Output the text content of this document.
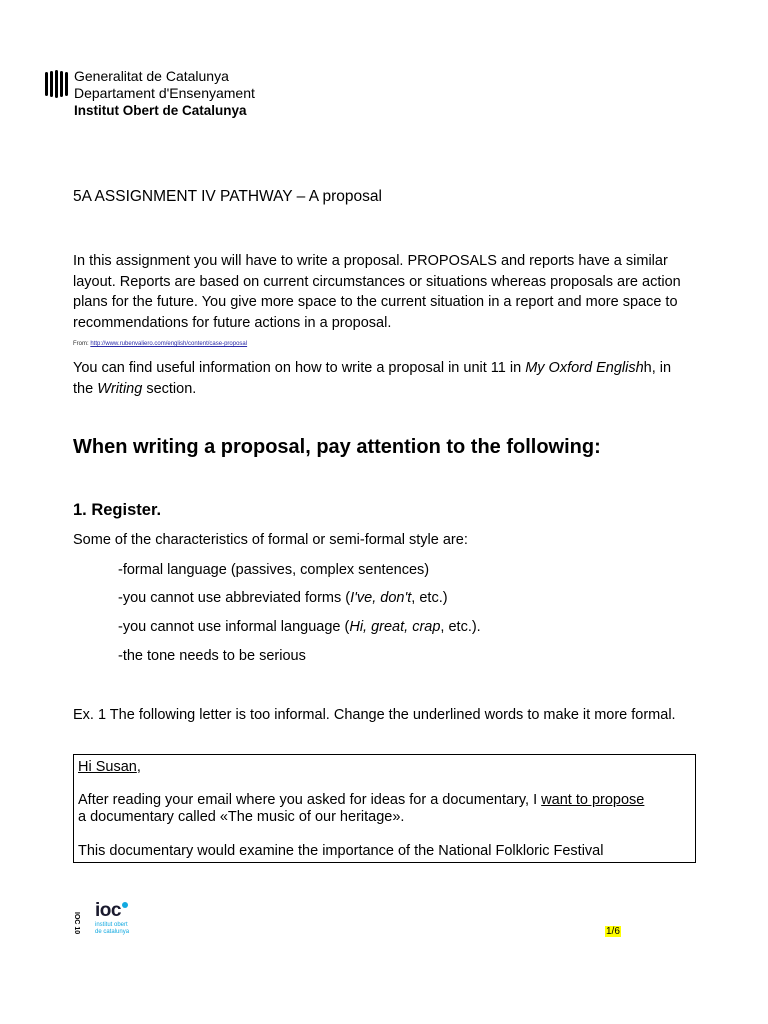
Generalitat de Catalunya
Departament d'Ensenyament
Institut Obert de Catalunya
5A ASSIGNMENT IV PATHWAY – A proposal
In this assignment you will have to write a proposal. PROPOSALS and reports have a similar layout. Reports are based on current circumstances or situations whereas proposals are action plans for the future. You give more space to the current situation in a report and more space to recommendations for future actions in a proposal.
From: http://www.rubenvaliero.com/english/content/case-proposal
You can find useful information on how to write a proposal in unit 11 in My Oxford Englishh, in the Writing section.
When writing a proposal, pay attention to the following:
1. Register.
Some of the characteristics of formal or semi-formal style are:
-formal language (passives, complex sentences)
-you cannot use abbreviated forms (I've, don't, etc.)
-you cannot use informal language (Hi, great, crap, etc.).
-the tone needs to be serious
Ex. 1 The following letter is too informal. Change the underlined words to make it more formal.
Hi Susan,
After reading your email where you asked for ideas for a documentary, I want to propose
a documentary called «The music of our heritage».
This documentary would examine the importance of the National Folkloric Festival
IOC 10
ioc
institut obert
de catalunya	1/6
